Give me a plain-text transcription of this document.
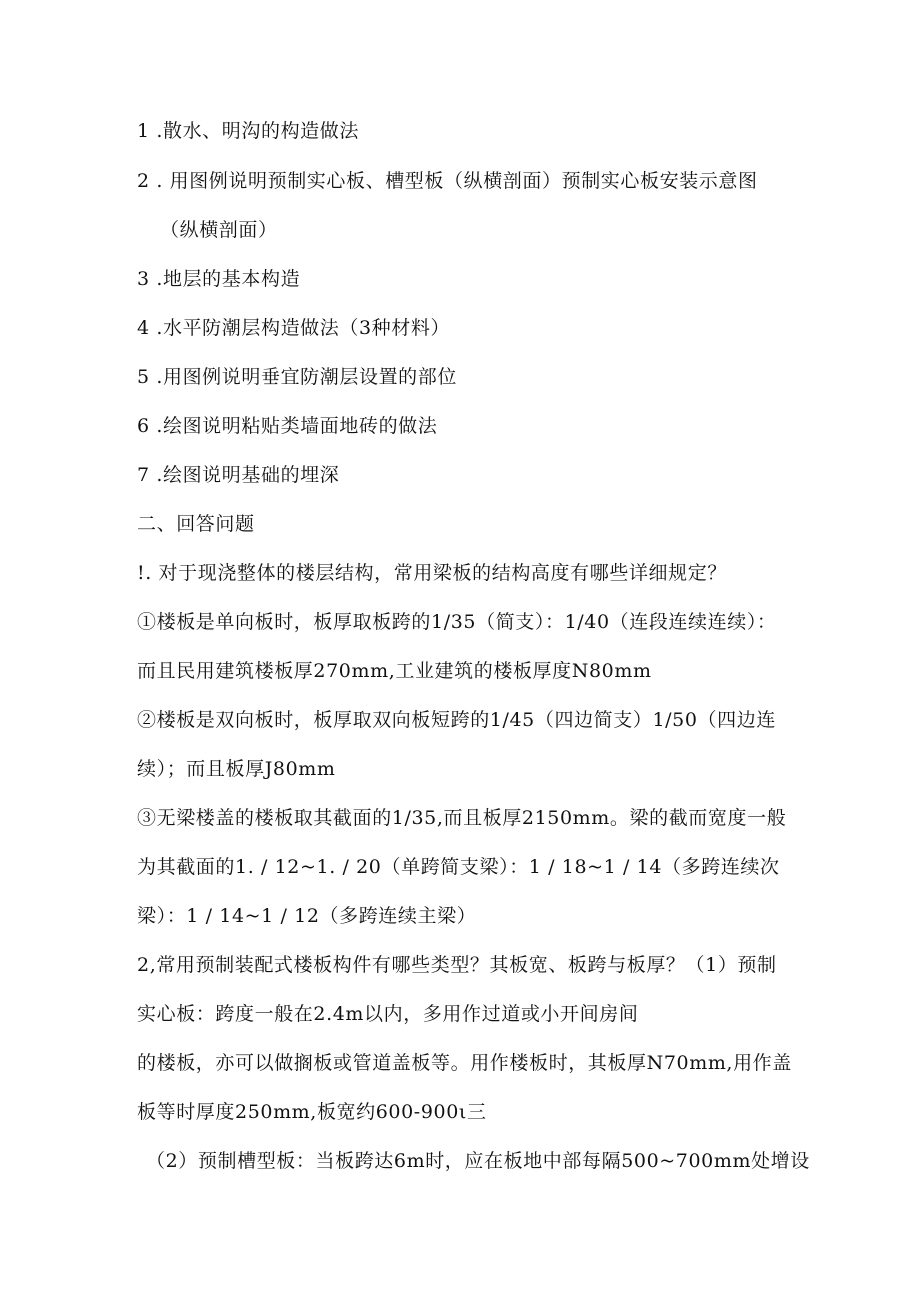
1 .散水、明沟的构造做法
2 . 用图例说明预制实心板、槽型板（纵横剖面）预制实心板安装示意图
（纵横剖面）
3 .地层的基本构造
4 .水平防潮层构造做法（3种材料）
5 .用图例说明垂宜防潮层设置的部位
6 .绘图说明粘贴类墙面地砖的做法
7 .绘图说明基础的埋深
二、回答问题
!. 对于现浇整体的楼层结构，常用梁板的结构高度有哪些详细规定？
①楼板是单向板时，板厚取板跨的1/35（简支）：1/40（连段连续连续）：
而且民用建筑楼板厚270mm,工业建筑的楼板厚度N80mm
②楼板是双向板时，板厚取双向板短跨的1/45（四边简支）1/50（四边连
续）；而且板厚J80mm
③无梁楼盖的楼板取其截面的1/35,而且板厚2150mm。梁的截而宽度一般
为其截面的1. / 12~1. / 20（单跨简支梁）：1 / 18~1 / 14（多跨连续次
梁）：1 / 14~1 / 12（多跨连续主梁）
2,常用预制装配式楼板构件有哪些类型？其板宽、板跨与板厚？（1）预制
实心板：跨度一般在2.4m以内，多用作过道或小开间房间
的楼板，亦可以做搁板或管道盖板等。用作楼板时，其板厚N70mm,用作盖
板等时厚度250mm,板宽约600-900ι三
（2）预制槽型板：当板跨达6m时，应在板地中部每隔500~700mm处增设
